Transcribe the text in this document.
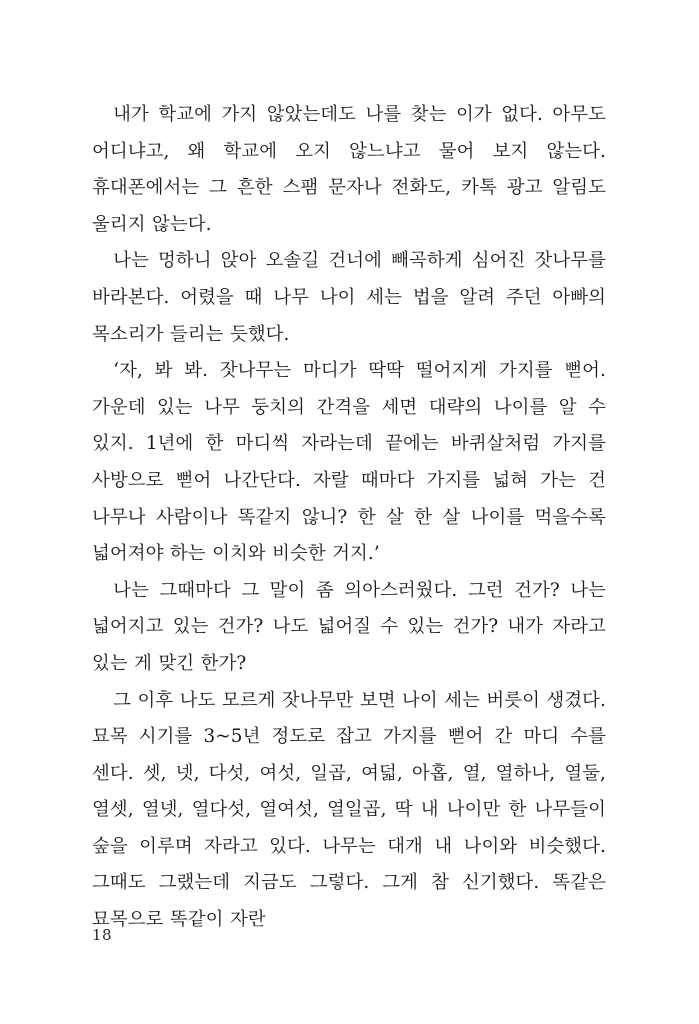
내가 학교에 가지 않았는데도 나를 찾는 이가 없다. 아무도 어디냐고, 왜 학교에 오지 않느냐고 물어 보지 않는다. 휴대폰에서는 그 흔한 스팸 문자나 전화도, 카톡 광고 알림도 울리지 않는다.

나는 멍하니 앉아 오솔길 건너에 빼곡하게 심어진 잣나무를 바라본다. 어렸을 때 나무 나이 세는 법을 알려 주던 아빠의 목소리가 들리는 듯했다.

‘자, 봐 봐. 잣나무는 마디가 딱딱 떨어지게 가지를 뻗어. 가운데 있는 나무 둥치의 간격을 세면 대략의 나이를 알 수 있지. 1년에 한 마디씩 자라는데 끝에는 바퀴살처럼 가지를 사방으로 뻗어 나간단다. 자랄 때마다 가지를 넓혀 가는 건 나무나 사람이나 똑같지 않니? 한 살 한 살 나이를 먹을수록 넓어져야 하는 이치와 비슷한 거지.’

나는 그때마다 그 말이 좀 의아스러웠다. 그런 건가? 나는 넓어지고 있는 건가? 나도 넓어질 수 있는 건가? 내가 자라고 있는 게 맞긴 한가?

그 이후 나도 모르게 잣나무만 보면 나이 세는 버릇이 생겼다. 묘목 시기를 3~5년 정도로 잡고 가지를 뻗어 간 마디 수를 센다. 셋, 넷, 다섯, 여섯, 일곱, 여덟, 아홉, 열, 열하나, 열둘, 열셋, 열넷, 열다섯, 열여섯, 열일곱, 딱 내 나이만 한 나무들이 숲을 이루며 자라고 있다. 나무는 대개 내 나이와 비슷했다. 그때도 그랬는데 지금도 그렇다. 그게 참 신기했다. 똑같은 묘목으로 똑같이 자란

18
